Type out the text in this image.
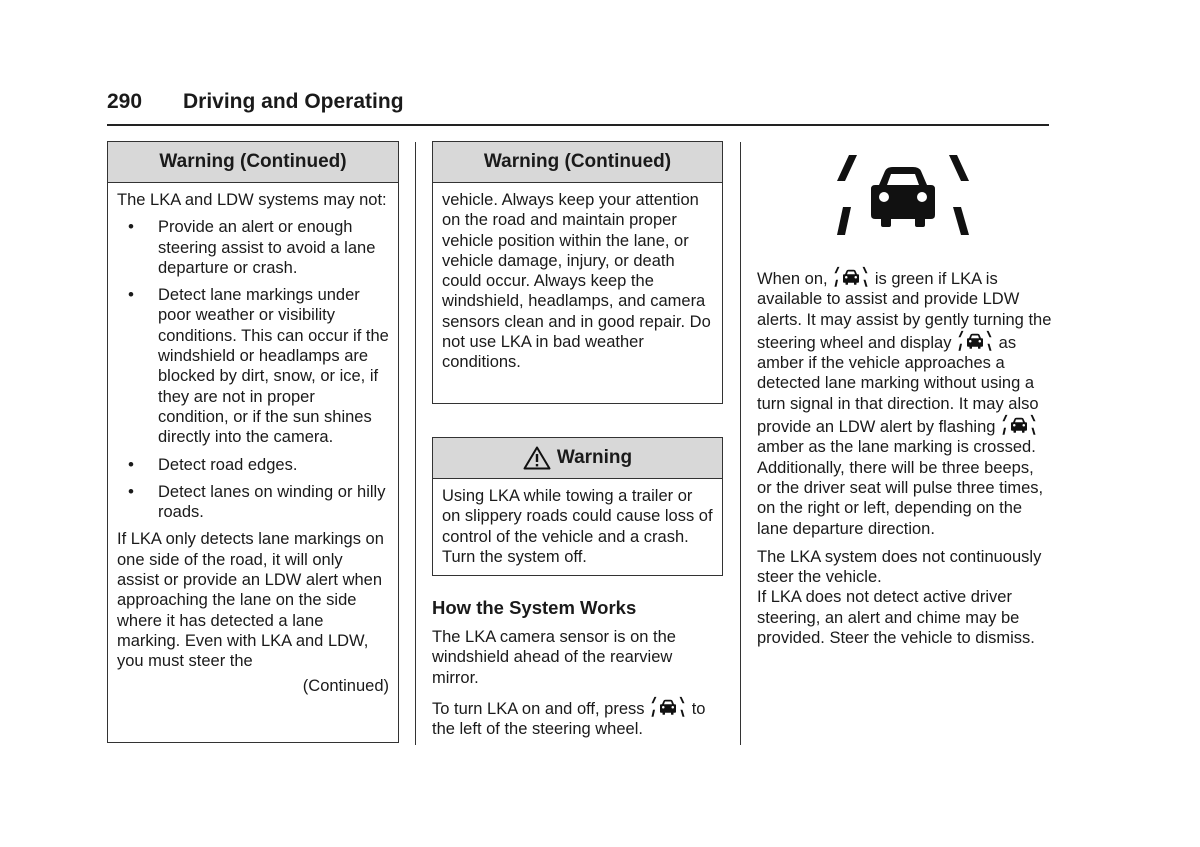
290 Driving and Operating
Warning (Continued)

The LKA and LDW systems may not:

• Provide an alert or enough steering assist to avoid a lane departure or crash.
• Detect lane markings under poor weather or visibility conditions. This can occur if the windshield or headlamps are blocked by dirt, snow, or ice, if they are not in proper condition, or if the sun shines directly into the camera.
• Detect road edges.
• Detect lanes on winding or hilly roads.

If LKA only detects lane markings on one side of the road, it will only assist or provide an LDW alert when approaching the lane on the side where it has detected a lane marking. Even with LKA and LDW, you must steer the

(Continued)
Warning (Continued)

vehicle. Always keep your attention on the road and maintain proper vehicle position within the lane, or vehicle damage, injury, or death could occur. Always keep the windshield, headlamps, and camera sensors clean and in good repair. Do not use LKA in bad weather conditions.

Warning

Using LKA while towing a trailer or on slippery roads could cause loss of control of the vehicle and a crash. Turn the system off.

How the System Works

The LKA camera sensor is on the windshield ahead of the rearview mirror.

To turn LKA on and off, press	to the left of the steering wheel.

When on,	is green if LKA is available to assist and provide LDW alerts. It may assist by gently turning the steering wheel and display	as amber if the vehicle approaches a detected lane marking without using a turn signal in that direction. It may also provide an LDW alert by flashing  amber as the lane marking is crossed. Additionally, there will be three beeps, or the driver seat will pulse three times, on the right or left, depending on the lane departure direction.

The LKA system does not continuously steer the vehicle.

If LKA does not detect active driver steering, an alert and chime may be provided. Steer the vehicle to dismiss.
